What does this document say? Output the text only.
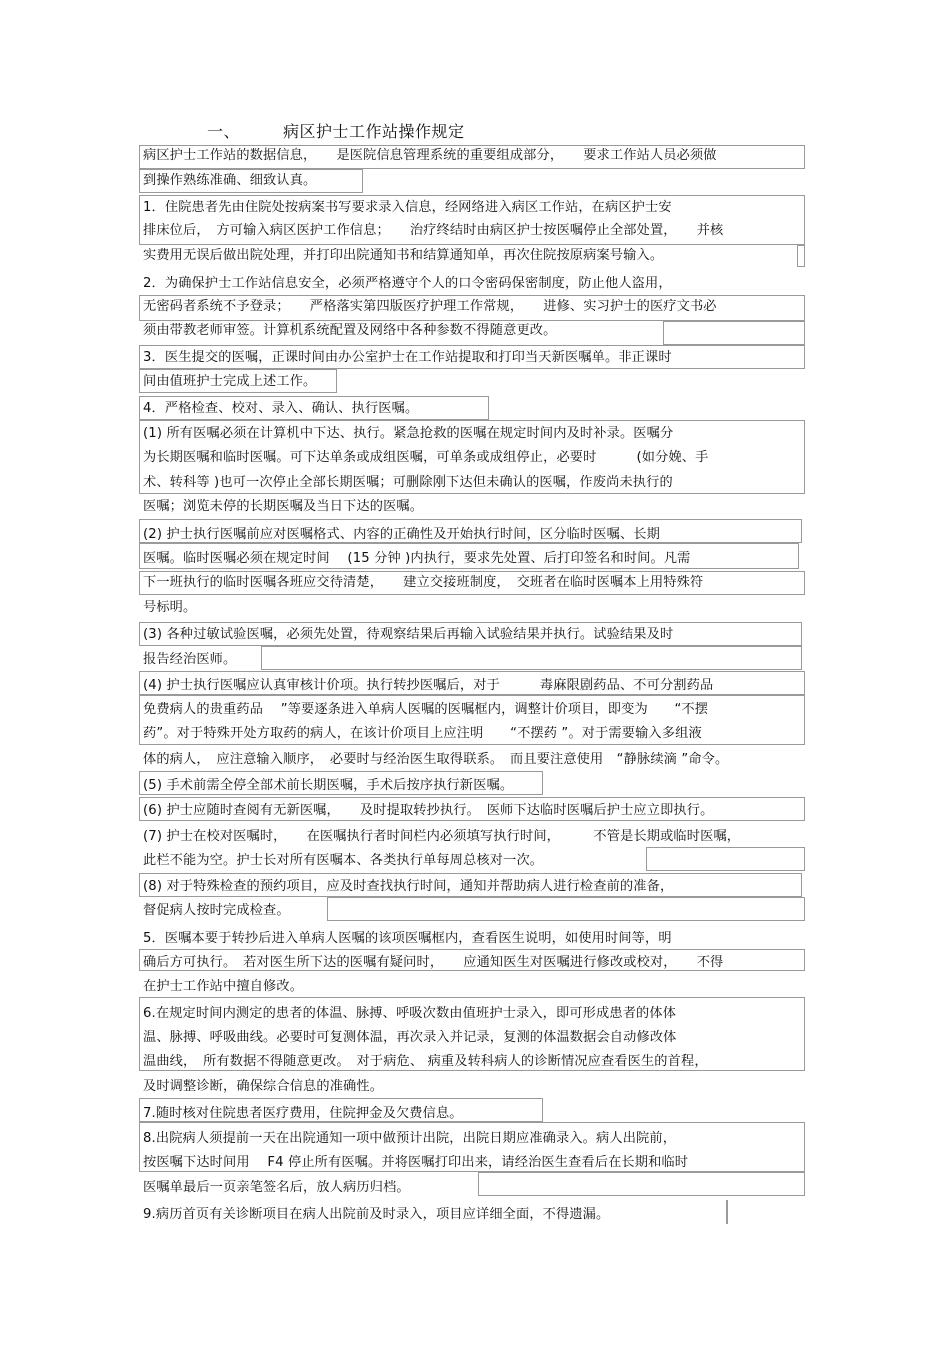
一、	病区护士工作站操作规定
病区护士工作站的数据信息，　　是医院信息管理系统的重要组成部分，　　要求工作站人员必须做
到操作熟练准确、细致认真。
1．住院患者先由住院处按病案书写要求录入信息，经网络进入病区工作站，在病区护士安
排床位后，　方可输入病区医护工作信息；　　治疗终结时由病区护士按医嘱停止全部处置，　　并核
实费用无误后做出院处理，并打印出院通知书和结算通知单，再次住院按原病案号输入。
2．为确保护士工作站信息安全，必须严格遵守个人的口令密码保密制度，防止他人盗用，
无密码者系统不予登录；　　严格落实第四版医疗护理工作常规，　　进修、实习护士的医疗文书必
须由带教老师审签。计算机系统配置及网络中各种参数不得随意更改。
3．医生提交的医嘱，正课时间由办公室护士在工作站提取和打印当天新医嘱单。非正课时
间由值班护士完成上述工作。
4．严格检查、校对、录入、确认、执行医嘱。
(1) 所有医嘱必须在计算机中下达、执行。紧急抢救的医嘱在规定时间内及时补录。医嘱分
为长期医嘱和临时医嘱。可下达单条或成组医嘱，可单条或成组停止，必要时　　　(如分娩、手
术、转科等 )也可一次停止全部长期医嘱；可删除刚下达但未确认的医嘱，作废尚未执行的
医嘱；浏览未停的长期医嘱及当日下达的医嘱。
(2) 护士执行医嘱前应对医嘱格式、内容的正确性及开始执行时间，区分临时医嘱、长期
医嘱。临时医嘱必须在规定时间　 (15 分钟 )内执行，要求先处置、后打印签名和时间。凡需
下一班执行的临时医嘱各班应交待清楚，　　建立交接班制度，　交班者在临时医嘱本上用特殊符
号标明。
(3) 各种过敏试验医嘱，必须先处置，待观察结果后再输入试验结果并执行。试验结果及时
报告经治医师。
(4) 护士执行医嘱应认真审核计价项。执行转抄医嘱后，对于　　　毒麻限剧药品、不可分割药品
免费病人的贵重药品　 ”等要逐条进入单病人医嘱的医嘱框内，调整计价项目，即变为　　“不摆
药”。对于特殊开处方取药的病人，在该计价项目上应注明　　“不摆药 ”。对于需要输入多组液
体的病人，　应注意输入顺序，　必要时与经治医生取得联系。　而且要注意使用　“静脉续滴 ”命令。
(5) 手术前需全停全部术前长期医嘱，手术后按序执行新医嘱。
(6) 护士应随时查阅有无新医嘱，　　及时提取转抄执行。　医师下达临时医嘱后护士应立即执行。
(7) 护士在校对医嘱时，　　在医嘱执行者时间栏内必须填写执行时间，　　　不管是长期或临时医嘱，
此栏不能为空。护士长对所有医嘱本、各类执行单每周总核对一次。
(8) 对于特殊检查的预约项目，应及时查找执行时间，通知并帮助病人进行检查前的准备，
督促病人按时完成检查。
5．医嘱本要于转抄后进入单病人医嘱的该项医嘱框内，查看医生说明，如使用时间等，明
确后方可执行。　若对医生所下达的医嘱有疑问时，　　应通知医生对医嘱进行修改或校对，　　不得
在护士工作站中擅自修改。
6.在规定时间内测定的患者的体温、脉搏、呼吸次数由值班护士录入，即可形成患者的体体
温、脉搏、呼吸曲线。必要时可复测体温，再次录入并记录，复测的体温数据会自动修改体
温曲线，　所有数据不得随意更改。　对于病危、 病重及转科病人的诊断情况应查看医生的首程，
及时调整诊断，确保综合信息的准确性。
7.随时核对住院患者医疗费用，住院押金及欠费信息。
8.出院病人须提前一天在出院通知一项中做预计出院，出院日期应准确录入。病人出院前，
按医嘱下达时间用　 F4 停止所有医嘱。并将医嘱打印出来，请经治医生查看后在长期和临时
医嘱单最后一页亲笔签名后，放人病历归档。
9.病历首页有关诊断项目在病人出院前及时录入，项目应详细全面，不得遗漏。
